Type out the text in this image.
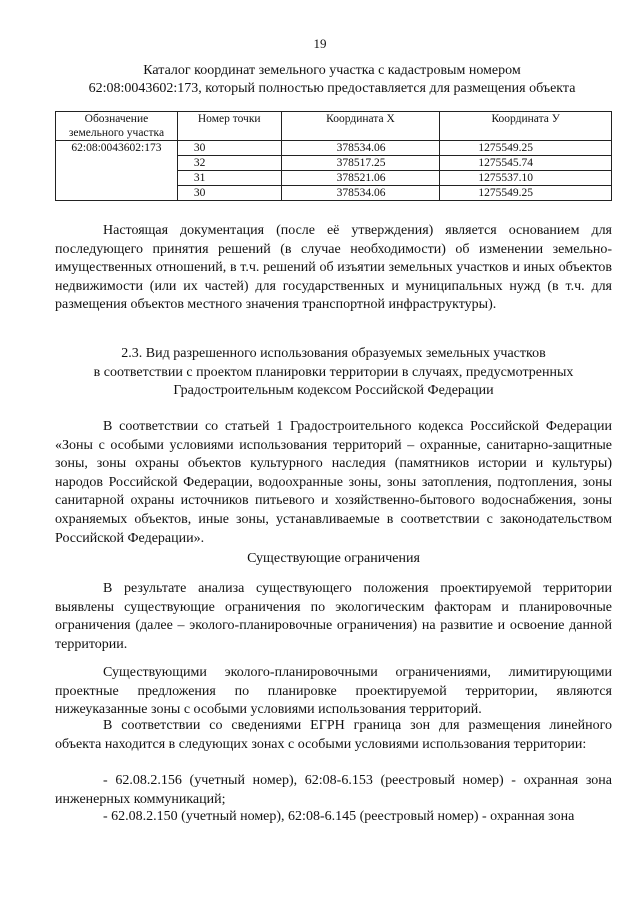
19
Каталог координат земельного участка с кадастровым номером
62:08:0043602:173, который полностью предоставляется для размещения объекта
Обозначение земельного участка	Номер точки	Координата X	Координата У
62:08:0043602:173	30	378534.06	1275549.25
	32	378517.25	1275545.74
	31	378521.06	1275537.10
	30	378534.06	1275549.25

Настоящая документация (после её утверждения) является основанием для последующего принятия решений (в случае необходимости) об изменении земельно-имущественных отношений, в т.ч. решений об изъятии земельных участков и иных объектов недвижимости (или их частей) для государственных и муниципальных нужд (в т.ч. для размещения объектов местного значения транспортной инфраструктуры).

2.3. Вид разрешенного использования образуемых земельных участков
в соответствии с проектом планировки территории в случаях, предусмотренных
Градостроительным кодексом Российской Федерации

В соответствии со статьей 1 Градостроительного кодекса Российской Федерации «Зоны с особыми условиями использования территорий – охранные, санитарно-защитные зоны, зоны охраны объектов культурного наследия (памятников истории и культуры) народов Российской Федерации, водоохранные зоны, зоны затопления, подтопления, зоны санитарной охраны источников питьевого и хозяйственно-бытового водоснабжения, зоны охраняемых объектов, иные зоны, устанавливаемые в соответствии с законодательством Российской Федерации».

Существующие ограничения

В результате анализа существующего положения проектируемой территории выявлены существующие ограничения по экологическим факторам и планировочные ограничения (далее – эколого-планировочные ограничения) на развитие и освоение данной территории.

Существующими эколого-планировочными ограничениями, лимитирующими проектные предложения по планировке проектируемой территории, являются нижеуказанные зоны с особыми условиями использования территорий.

В соответствии со сведениями ЕГРН граница зон для размещения линейного объекта находится в следующих зонах с особыми условиями использования территории:

- 62.08.2.156 (учетный номер), 62:08-6.153 (реестровый номер) - охранная зона инженерных коммуникаций;

- 62.08.2.150 (учетный номер), 62:08-6.145 (реестровый номер) - охранная зона
